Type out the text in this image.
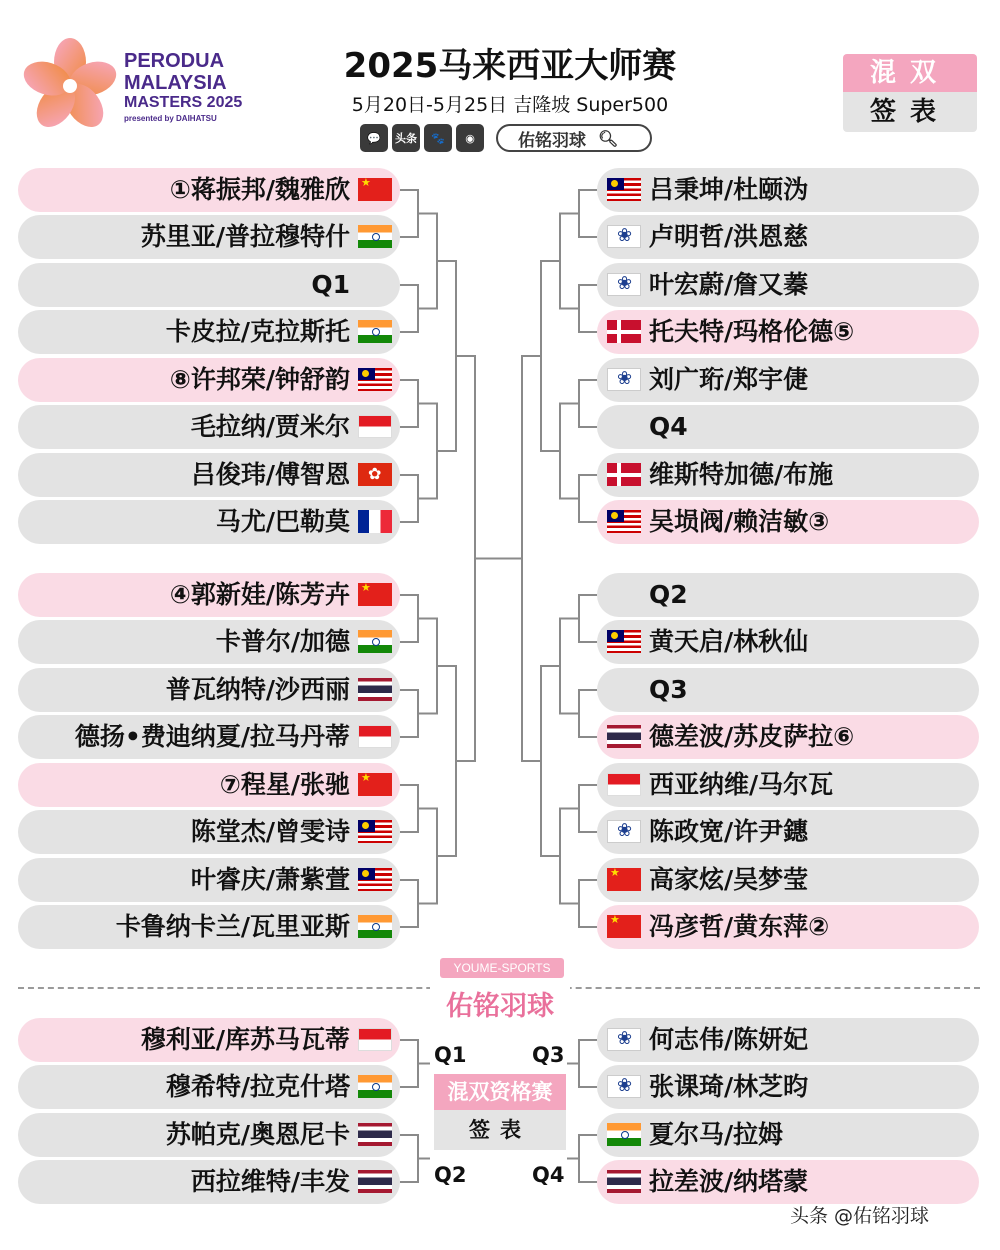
PERODUA
MALAYSIA
MASTERS 2025
presented by DAIHATSU
2025马来西亚大师赛
5月20日-5月25日 吉隆坡 Super500
💬	头条	🐾	◉	佑铭羽球 🔍︎
混双
签表
①蒋振邦/魏雅欣
★
苏里亚/普拉穆特什
Q1
卡皮拉/克拉斯托
⑧许邦荣/钟舒韵
毛拉纳/贾米尔
吕俊玮/傅智恩
✿
马尤/巴勒莫
④郭新娃/陈芳卉
★
卡普尔/加德
普瓦纳特/沙西丽
德扬•费迪纳夏/拉马丹蒂
⑦程星/张驰
★
陈堂杰/曾雯诗
叶睿庆/萧紫萱
卡鲁纳卡兰/瓦里亚斯
吕秉坤/杜颐沩
❀
卢明哲/洪恩慈
❀
叶宏蔚/詹又蓁
托夫特/玛格伦德⑤
❀
刘广珩/郑宇倢
Q4
维斯特加德/布施
吴埙阀/赖洁敏③
Q2
黄天启/林秋仙
Q3
德差波/苏皮萨拉⑥
西亚纳维/马尔瓦
❀
陈政宽/许尹鏸
★
高家炫/吴梦莹
★
冯彦哲/黄东萍②
YOUME-SPORTS
佑铭羽球
穆利亚/库苏马瓦蒂
穆希特/拉克什塔
苏帕克/奥恩尼卡
西拉维特/丰发
❀
何志伟/陈妍妃
❀
张课琦/林芝昀
夏尔马/拉姆
拉差波/纳塔蒙
Q1
Q2
Q3
Q4
混双资格赛
签表
头条 @佑铭羽球
